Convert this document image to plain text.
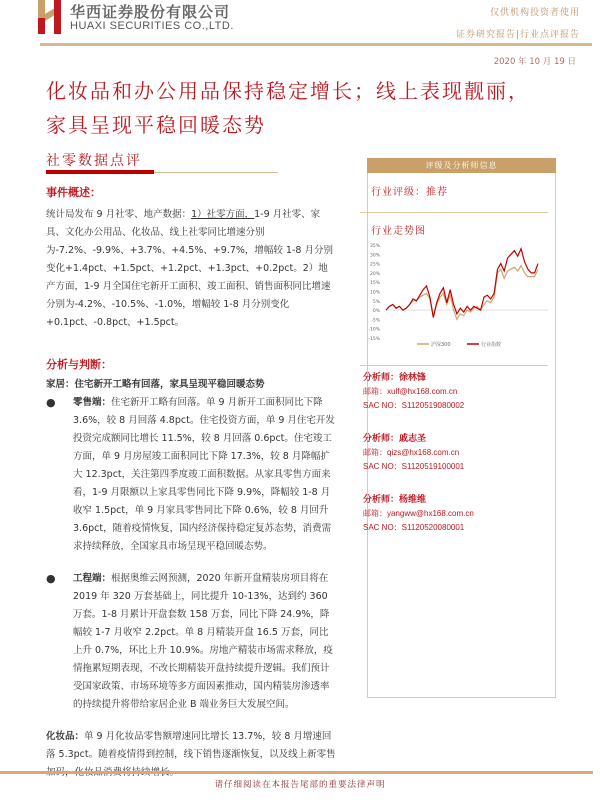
华西证券股份有限公司
HUAXI SECURITIES CO.,LTD.
仅供机构投资者使用
证券研究报告|行业点评报告
2020 年 10 月 19 日
化妆品和办公用品保持稳定增长；线上表现靓丽，家具呈现平稳回暖态势
社零数据点评
事件概述：
统计局发布 9 月社零、地产数据：1）社零方面，1-9 月社零、家具、文化办公用品、化妆品、线上社零同比增速分别为-7.2%、-9.9%、+3.7%、+4.5%、+9.7%，增幅较 1-8 月分别变化+1.4pct、+1.5pct、+1.2pct、+1.3pct、+0.2pct。2）地产方面，1-9 月全国住宅新开工面积、竣工面积、销售面积同比增速分别为-4.2%、-10.5%、-1.0%，增幅较 1-8 月分别变化+0.1pct、-0.8pct、+1.5pct。
分析与判断：
家居：住宅新开工略有回落，家具呈现平稳回暖态势
● 零售端：住宅新开工略有回落。单 9 月新开工面积同比下降 3.6%，较 8 月回落 4.8pct。住宅投资方面，单 9 月住宅开发投资完成额同比增长 11.5%，较 8 月回落 0.6pct。住宅竣工方面，单 9 月房屋竣工面积同比下降 17.3%，较 8 月降幅扩大 12.3pct，关注第四季度竣工面积数据。从家具零售方面来看，1-9 月限额以上家具零售同比下降 9.9%，降幅较 1-8 月收窄 1.5pct，单 9 月家具零售同比下降 0.6%，较 8 月回升 3.6pct，随着疫情恢复，国内经济保持稳定复苏态势，消费需求持续释放，全国家具市场呈现平稳回暖态势。
● 工程端：根据奥维云网预测，2020 年新开盘精装房项目将在 2019 年 320 万套基础上，同比提升 10-13%，达到约 360 万套。1-8 月累计开盘套数 158 万套，同比下降 24.9%，降幅较 1-7 月收窄 2.2pct。单 8 月精装开盘 16.5 万套，同比上升 0.7%，环比上升 10.9%。房地产精装市场需求释放，疫情拖累短期表现，不改长期精装开盘持续提升逻辑。我们预计受国家政策、市场环境等多方面因素推动，国内精装房渗透率的持续提升将带给家居企业 B 端业务巨大发展空间。
化妆品：单 9 月化妆品零售额增速同比增长 13.7%，较 8 月增速回落 5.3pct。随着疫情得到控制，线下销售逐渐恢复，以及线上新零售
评级及分析师信息
行业评级：推荐
行业走势图
35%
30%
25%
20%
15%
10%
5%
0%
-5%
-10%
-15%
沪深300	行业指数
分析师：徐林锋
邮箱：xulf@hx168.com.cn
SAC NO：S1120519080002
分析师：戚志圣
邮箱：qizs@hx168.com.cn
SAC NO：S1120519100001
分析师：杨维维
邮箱：yangww@hx168.com.cn
SAC NO：S1120520080001
请仔细阅读在本报告尾部的重要法律声明
